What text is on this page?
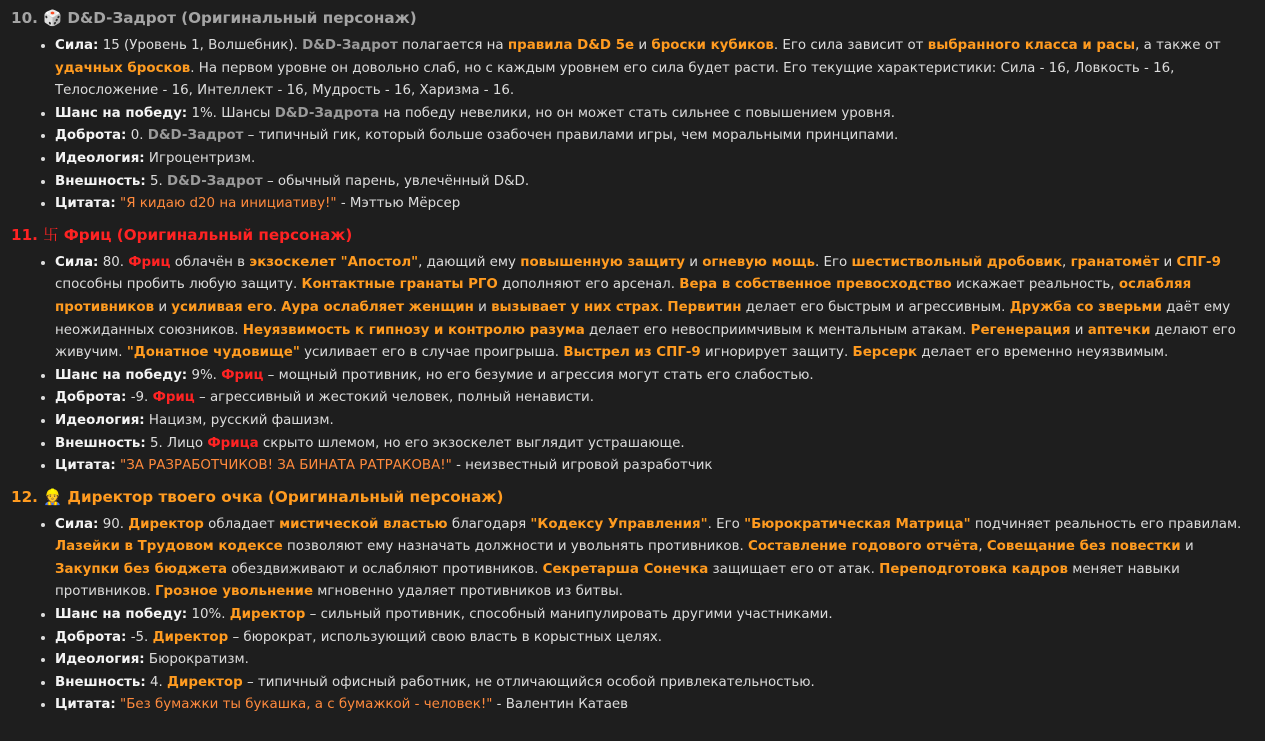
10. 🎲 D&D-Задрот (Оригинальный персонаж)
• Сила: 15 (Уровень 1, Волшебник). D&D-Задрот полагается на правила D&D 5e и броски кубиков. Его сила зависит от выбранного класса и расы, а также от удачных бросков. На первом уровне он довольно слаб, но с каждым уровнем его сила будет расти. Его текущие характеристики: Сила - 16, Ловкость - 16, Телосложение - 16, Интеллект - 16, Мудрость - 16, Харизма - 16.
• Шанс на победу: 1%. Шансы D&D-Задрота на победу невелики, но он может стать сильнее с повышением уровня.
• Доброта: 0. D&D-Задрот – типичный гик, который больше озабочен правилами игры, чем моральными принципами.
• Идеология: Игроцентризм.
• Внешность: 5. D&D-Задрот – обычный парень, увлечённый D&D.
• Цитата: "Я кидаю d20 на инициативу!" - Мэттью Мёрсер
11. 卐 Фриц (Оригинальный персонаж)
• Сила: 80. Фриц облачён в экзоскелет "Апостол", дающий ему повышенную защиту и огневую мощь. Его шестиствольный дробовик, гранатомёт и СПГ-9 способны пробить любую защиту. Контактные гранаты РГО дополняют его арсенал. Вера в собственное превосходство искажает реальность, ослабляя противников и усиливая его. Аура ослабляет женщин и вызывает у них страх. Первитин делает его быстрым и агрессивным. Дружба со зверьми даёт ему неожиданных союзников. Неуязвимость к гипнозу и контролю разума делает его невосприимчивым к ментальным атакам. Регенерация и аптечки делают его живучим. "Донатное чудовище" усиливает его в случае проигрыша. Выстрел из СПГ-9 игнорирует защиту. Берсерк делает его временно неуязвимым.
• Шанс на победу: 9%. Фриц – мощный противник, но его безумие и агрессия могут стать его слабостью.
• Доброта: -9. Фриц – агрессивный и жестокий человек, полный ненависти.
• Идеология: Нацизм, русский фашизм.
• Внешность: 5. Лицо Фрица скрыто шлемом, но его экзоскелет выглядит устрашающе.
• Цитата: "ЗА РАЗРАБОТЧИКОВ! ЗА БИНАТА РАТРАКОВА!" - неизвестный игровой разработчик
12. 👷 Директор твоего очка (Оригинальный персонаж)
• Сила: 90. Директор обладает мистической властью благодаря "Кодексу Управления". Его "Бюрократическая Матрица" подчиняет реальность его правилам. Лазейки в Трудовом кодексе позволяют ему назначать должности и увольнять противников. Составление годового отчёта, Совещание без повестки и Закупки без бюджета обездвиживают и ослабляют противников. Секретарша Сонечка защищает его от атак. Переподготовка кадров меняет навыки противников. Грозное увольнение мгновенно удаляет противников из битвы.
• Шанс на победу: 10%. Директор – сильный противник, способный манипулировать другими участниками.
• Доброта: -5. Директор – бюрократ, использующий свою власть в корыстных целях.
• Идеология: Бюрократизм.
• Внешность: 4. Директор – типичный офисный работник, не отличающийся особой привлекательностью.
• Цитата: "Без бумажки ты букашка, а с бумажкой - человек!" - Валентин Катаев
